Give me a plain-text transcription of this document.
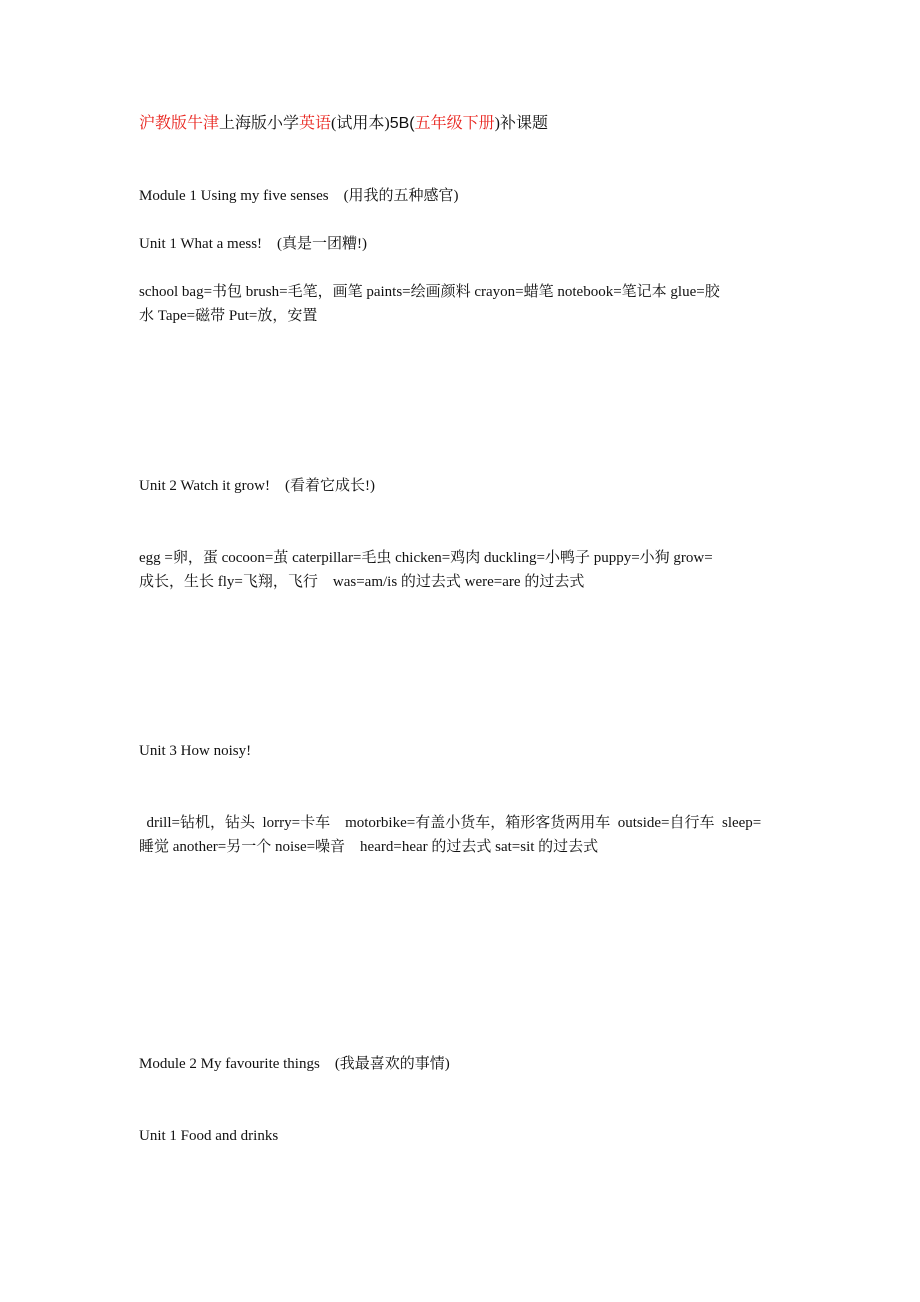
沪教版牛津上海版小学英语(试用本)5B(五年级下册)补课题

Module 1 Using my five senses　(用我的五种感官)

Unit 1 What a mess!　(真是一团糟!)

school bag=书包 brush=毛笔，画笔 paints=绘画颜料 crayon=蜡笔 notebook=笔记本 glue=胶

水 Tape=磁带 Put=放，安置

Unit 2 Watch it grow!　(看着它成长!)

egg =卵，蛋 cocoon=茧 caterpillar=毛虫 chicken=鸡肉 duckling=小鸭子 puppy=小狗 grow=

成长，生长 fly=飞翔，飞行　was=am/is 的过去式 were=are 的过去式

Unit 3 How noisy!

drill=钻机，钻头  lorry=卡车　motorbike=有盖小货车，箱形客货两用车  outside=自行车  sleep=

睡觉 another=另一个 noise=噪音　heard=hear 的过去式 sat=sit 的过去式

Module 2 My favourite things　(我最喜欢的事情)

Unit 1 Food and drinks
